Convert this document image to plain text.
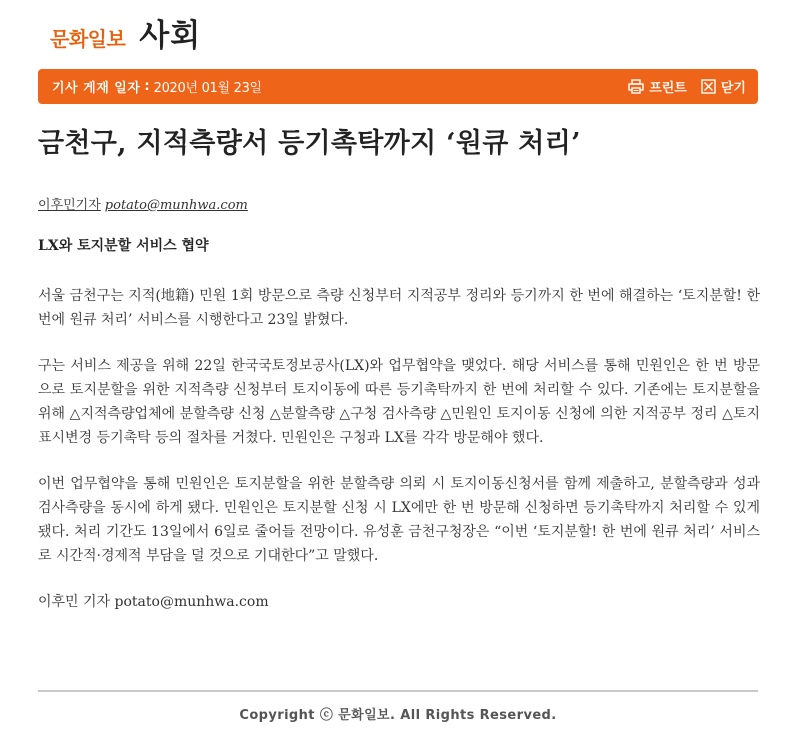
문화일보 사회
기사 게재 일자 : 2020년 01월 23일	프린트	닫기
금천구, 지적측량서 등기촉탁까지 ‘원큐 처리’
이후민기자 potato@munhwa.com
LX와 토지분할 서비스 협약

서울 금천구는 지적(地籍) 민원 1회 방문으로 측량 신청부터 지적공부 정리와 등기까지 한 번에 해결하는 ‘토지분할! 한 번에 원큐 처리’ 서비스를 시행한다고 23일 밝혔다.

구는 서비스 제공을 위해 22일 한국국토정보공사(LX)와 업무협약을 맺었다. 해당 서비스를 통해 민원인은 한 번 방문으로 토지분할을 위한 지적측량 신청부터 토지이동에 따른 등기촉탁까지 한 번에 처리할 수 있다. 기존에는 토지분할을 위해 △지적측량업체에 분할측량 신청 △분할측량 △구청 검사측량 △민원인 토지이동 신청에 의한 지적공부 정리 △토지표시변경 등기촉탁 등의 절차를 거쳤다. 민원인은 구청과 LX를 각각 방문해야 했다.

이번 업무협약을 통해 민원인은 토지분할을 위한 분할측량 의뢰 시 토지이동신청서를 함께 제출하고, 분할측량과 성과검사측량을 동시에 하게 됐다. 민원인은 토지분할 신청 시 LX에만 한 번 방문해 신청하면 등기촉탁까지 처리할 수 있게 됐다. 처리 기간도 13일에서 6일로 줄어들 전망이다. 유성훈 금천구청장은 “이번 ‘토지분할! 한 번에 원큐 처리’ 서비스로 시간적·경제적 부담을 덜 것으로 기대한다”고 말했다.

이후민 기자 potato@munhwa.com

Copyright ⓒ 문화일보. All Rights Reserved.
